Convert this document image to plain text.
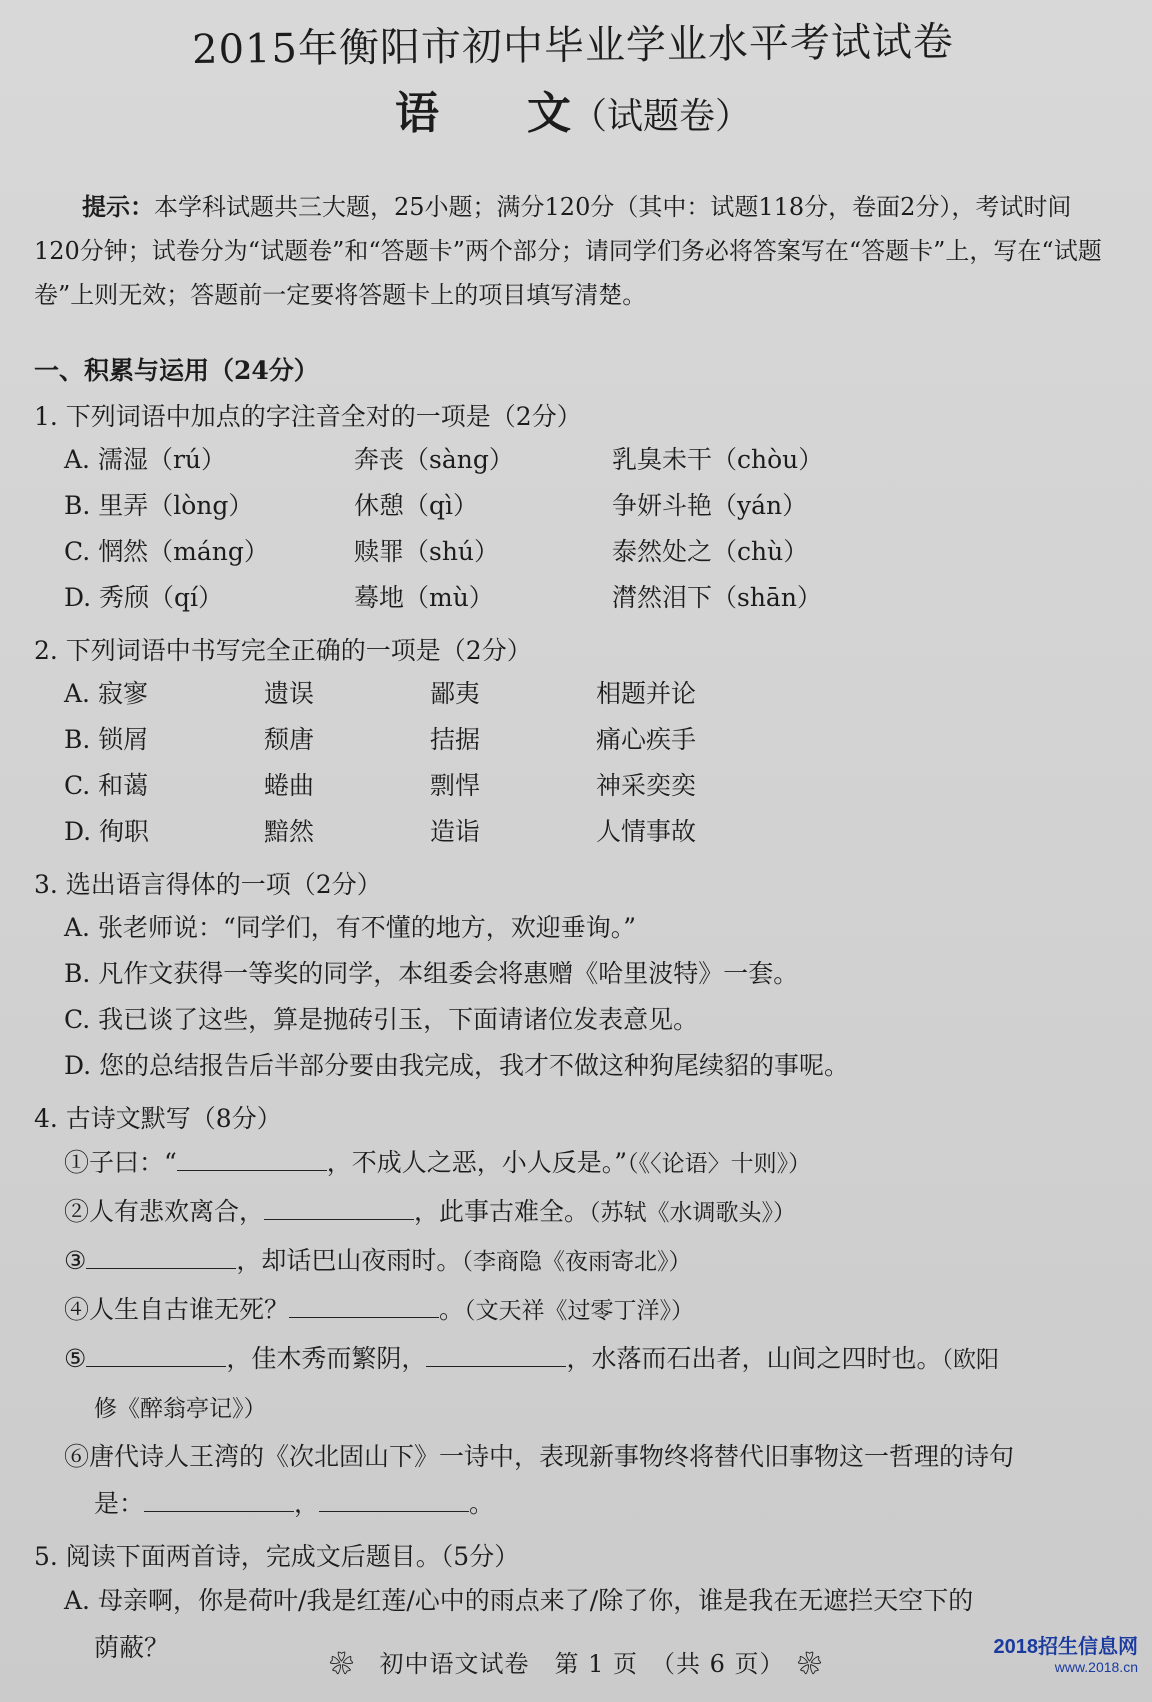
2015年衡阳市初中毕业学业水平考试试卷
语　　文（试题卷）
提示：本学科试题共三大题，25小题；满分120分（其中：试题118分，卷面2分），考试时间120分钟；试卷分为“试题卷”和“答题卡”两个部分；请同学们务必将答案写在“答题卡”上，写在“试题卷”上则无效；答题前一定要将答题卡上的项目填写清楚。
一、积累与运用（24分）
1. 下列词语中加点的字注音全对的一项是（2分）
A. 濡湿（rú）	奔丧（sàng）	乳臭未干（chòu）
B. 里弄（lòng）	休憩（qì）	争妍斗艳（yán）
C. 惘然（máng）	赎罪（shú）	泰然处之（chù）
D. 秀颀（qí）	蓦地（mù）	潸然泪下（shān）
2. 下列词语中书写完全正确的一项是（2分）
A. 寂寥	遗误	鄙夷	相题并论
B. 锁屑	颓唐	拮据	痛心疾手
C. 和蔼	蜷曲	剽悍	神采奕奕
D. 徇职	黯然	造诣	人情事故
3. 选出语言得体的一项（2分）
A. 张老师说：“同学们，有不懂的地方，欢迎垂询。”
B. 凡作文获得一等奖的同学，本组委会将惠赠《哈里波特》一套。
C. 我已谈了这些，算是抛砖引玉，下面请诸位发表意见。
D. 您的总结报告后半部分要由我完成，我才不做这种狗尾续貂的事呢。
4. 古诗文默写（8分）
①子曰：“	，不成人之恶，小人反是。”（《〈论语〉十则》）
②人有悲欢离合，	，此事古难全。（苏轼《水调歌头》）
③	，却话巴山夜雨时。（李商隐《夜雨寄北》）
④人生自古谁无死？	。（文天祥《过零丁洋》）
⑤	，佳木秀而繁阴，	，水落而石出者，山间之四时也。（欧阳
修《醉翁亭记》）
⑥唐代诗人王湾的《次北固山下》一诗中，表现新事物终将替代旧事物这一哲理的诗句
是：	，	。
5. 阅读下面两首诗，完成文后题目。（5分）
A. 母亲啊，你是荷叶/我是红莲/心中的雨点来了/除了你，谁是我在无遮拦天空下的
荫蔽？
❀　初中语文试卷　第 1 页　（共 6 页）　❀
2018招生信息网
www.2018.cn
